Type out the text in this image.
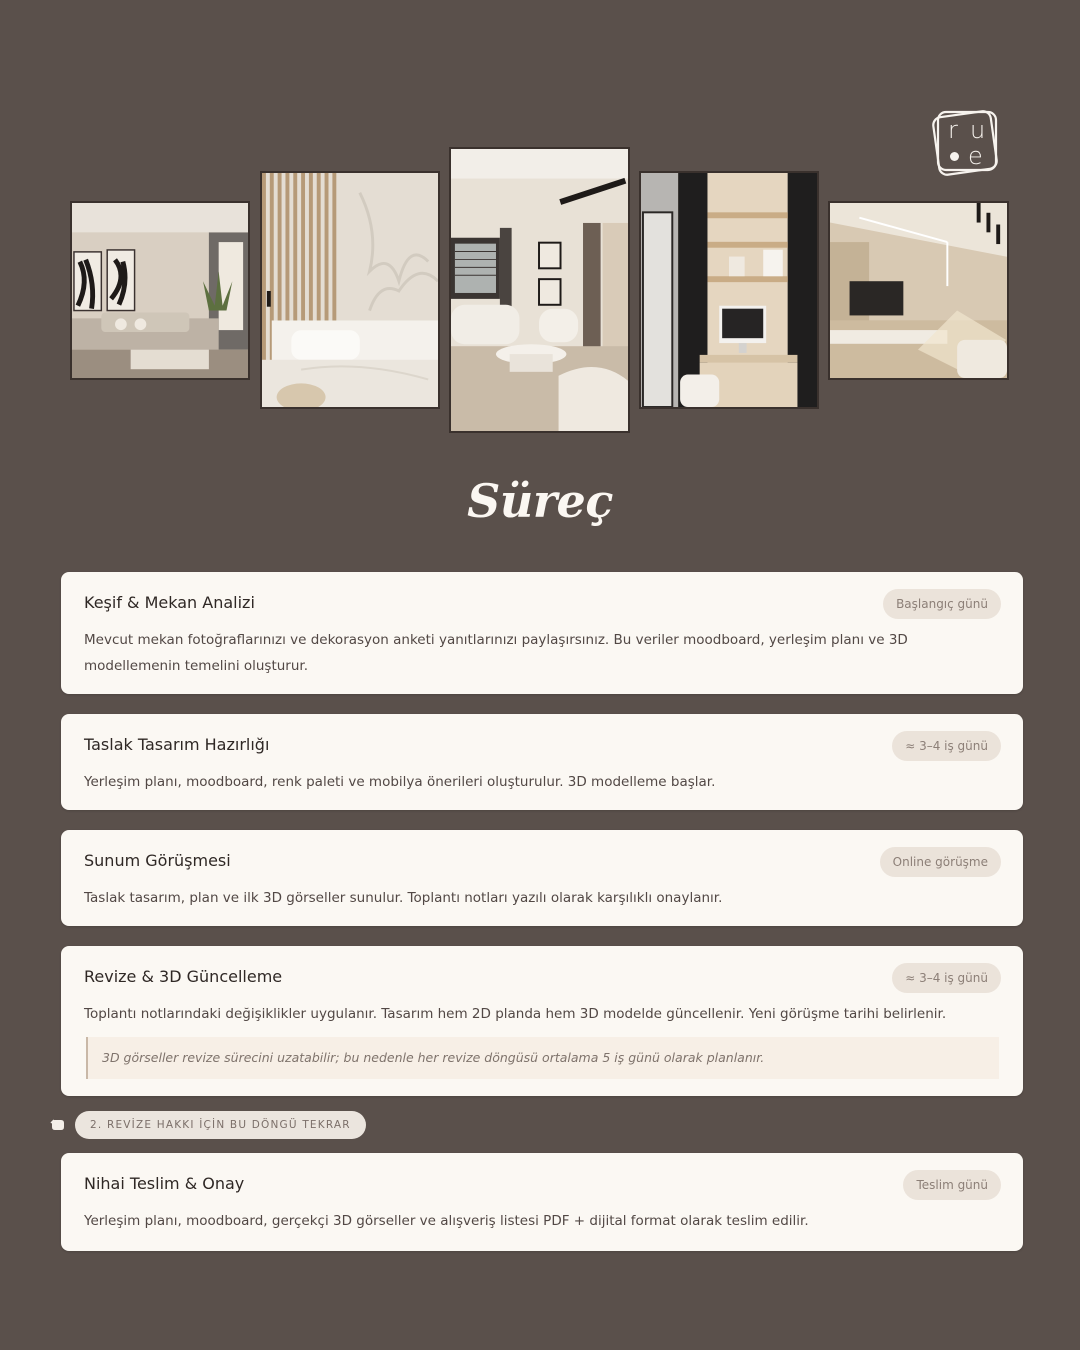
r u
e
Süreç
Keşif & Mekan Analizi	Başlangıç günü
Mevcut mekan fotoğraflarınızı ve dekorasyon anketi yanıtlarınızı paylaşırsınız. Bu veriler moodboard, yerleşim planı ve 3D modellemenin temelini oluşturur.
Taslak Tasarım Hazırlığı	≈ 3–4 iş günü
Yerleşim planı, moodboard, renk paleti ve mobilya önerileri oluşturulur. 3D modelleme başlar.
Sunum Görüşmesi	Online görüşme
Taslak tasarım, plan ve ilk 3D görseller sunulur. Toplantı notları yazılı olarak karşılıklı onaylanır.
Revize & 3D Güncelleme	≈ 3–4 iş günü
Toplantı notlarındaki değişiklikler uygulanır. Tasarım hem 2D planda hem 3D modelde güncellenir. Yeni görüşme tarihi belirlenir.
3D görseller revize sürecini uzatabilir; bu nedenle her revize döngüsü ortalama 5 iş günü olarak planlanır.
2. REVİZE HAKKI İÇİN BU DÖNGÜ TEKRAR
Nihai Teslim & Onay	Teslim günü
Yerleşim planı, moodboard, gerçekçi 3D görseller ve alışveriş listesi PDF + dijital format olarak teslim edilir.
